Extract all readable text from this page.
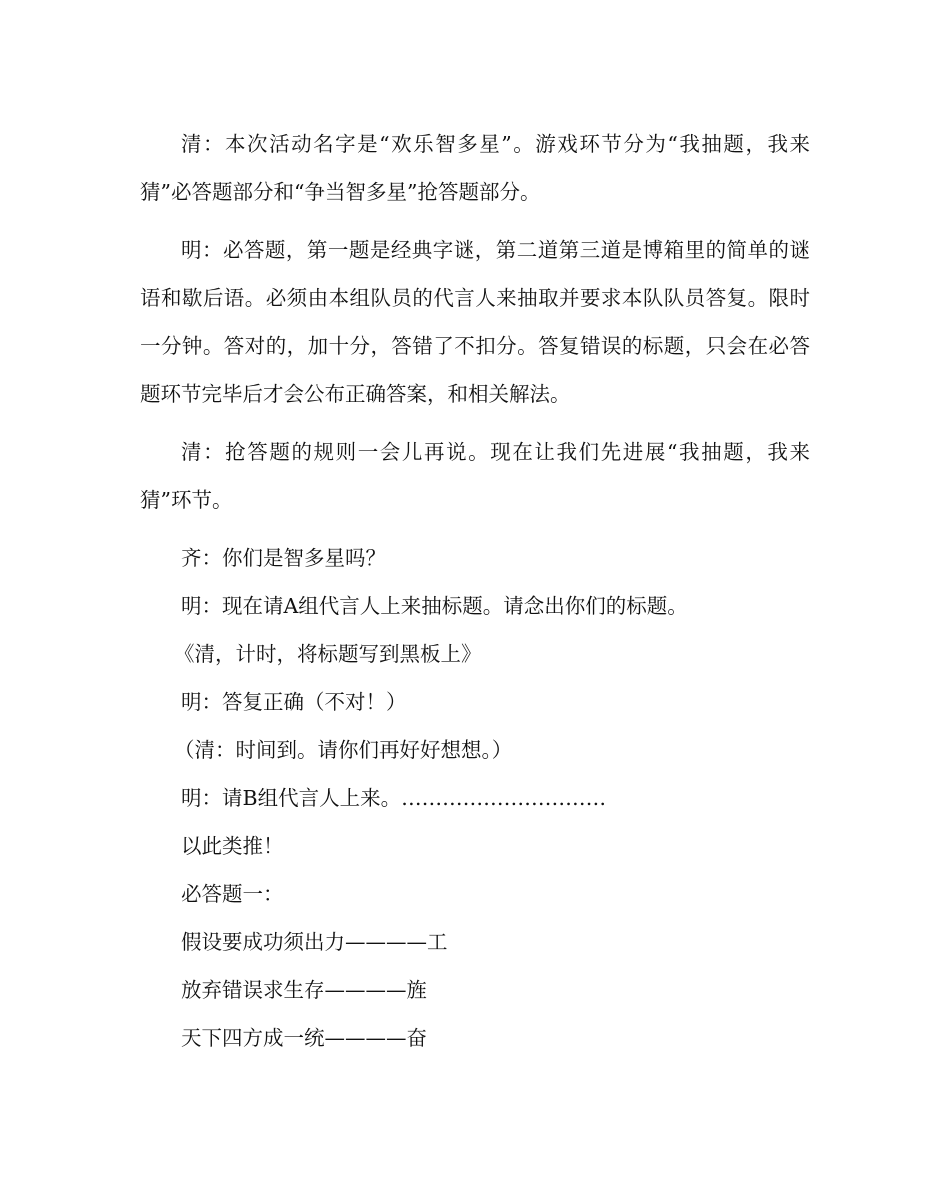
清：本次活动名字是“欢乐智多星”。游戏环节分为“我抽题，我来猜”必答题部分和“争当智多星”抢答题部分。

明：必答题，第一题是经典字谜，第二道第三道是博箱里的简单的谜语和歇后语。必须由本组队员的代言人来抽取并要求本队队员答复。限时一分钟。答对的，加十分，答错了不扣分。答复错误的标题，只会在必答题环节完毕后才会公布正确答案，和相关解法。

清：抢答题的规则一会儿再说。现在让我们先进展“我抽题，我来猜”环节。

齐：你们是智多星吗？
明：现在请A组代言人上来抽标题。请念出你们的标题。
《清，计时，将标题写到黑板上》
明：答复正确（不对！）
（清：时间到。请你们再好好想想。）
明：请B组代言人上来。…………………………
以此类推！
必答题一：
假设要成功须出力————工
放弃错误求生存————旌
天下四方成一统————奋
